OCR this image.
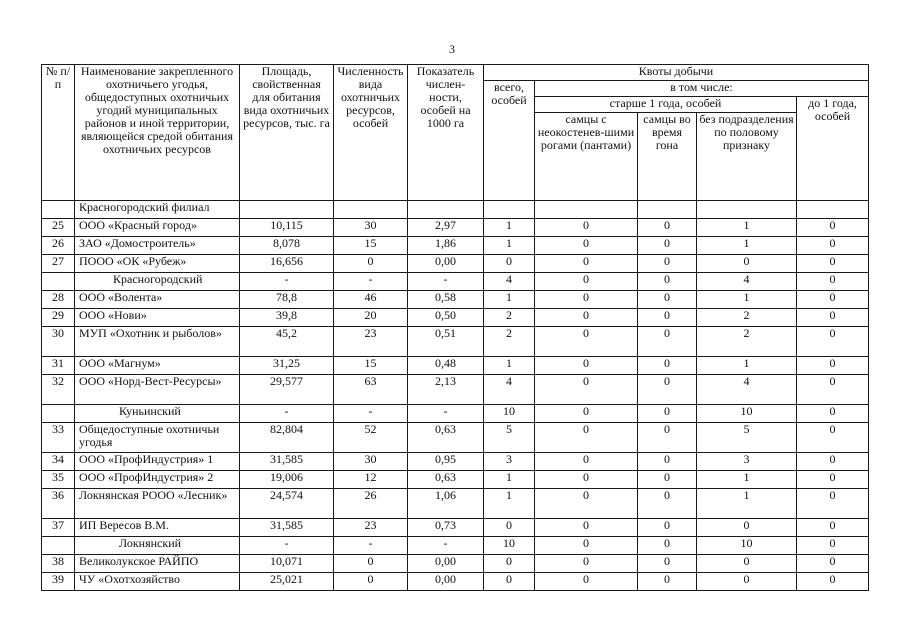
3
№ п/п	Наименование закрепленного охотничьего угодья, общедоступных охотничьих угодий муниципальных районов и иной территории, являющейся средой обитания охотничьих ресурсов	Площадь, свойственная для обитания вида охотничьих ресурсов, тыс. га	Численность вида охотничьих ресурсов, особей	Показатель числен-ности, особей на 1000 га	Квоты добычи				
					всего, особей	в том числе:			
						старше 1 года, особей			до 1 года, особей
						самцы с неокостенев-шими рогами (пантами)	самцы во время гона	без подразделения по половому признаку	
	Красногородский филиал								
25	ООО «Красный город»	10,115	30	2,97	1	0	0	1	0
26	ЗАО «Домостроитель»	8,078	15	1,86	1	0	0	1	0
27	ПООО «ОК «Рубеж»	16,656	0	0,00	0	0	0	0	0
	Красногородский	-	-	-	4	0	0	4	0
28	ООО «Волента»	78,8	46	0,58	1	0	0	1	0
29	ООО «Нови»	39,8	20	0,50	2	0	0	2	0
30	МУП «Охотник и рыболов»	45,2	23	0,51	2	0	0	2	0
31	ООО «Магнум»	31,25	15	0,48	1	0	0	1	0
32	ООО «Норд-Вест-Ресурсы»	29,577	63	2,13	4	0	0	4	0
	Куньинский	-	-	-	10	0	0	10	0
33	Общедоступные охотничьи угодья	82,804	52	0,63	5	0	0	5	0
34	ООО «ПрофИндустрия» 1	31,585	30	0,95	3	0	0	3	0
35	ООО «ПрофИндустрия» 2	19,006	12	0,63	1	0	0	1	0
36	Локнянская РОOO «Лесник»	24,574	26	1,06	1	0	0	1	0
37	ИП Вересов В.М.	31,585	23	0,73	0	0	0	0	0
	Локнянский	-	-	-	10	0	0	10	0
38	Великолукское РАЙПО	10,071	0	0,00	0	0	0	0	0
39	ЧУ «Охотхозяйство	25,021	0	0,00	0	0	0	0	0
